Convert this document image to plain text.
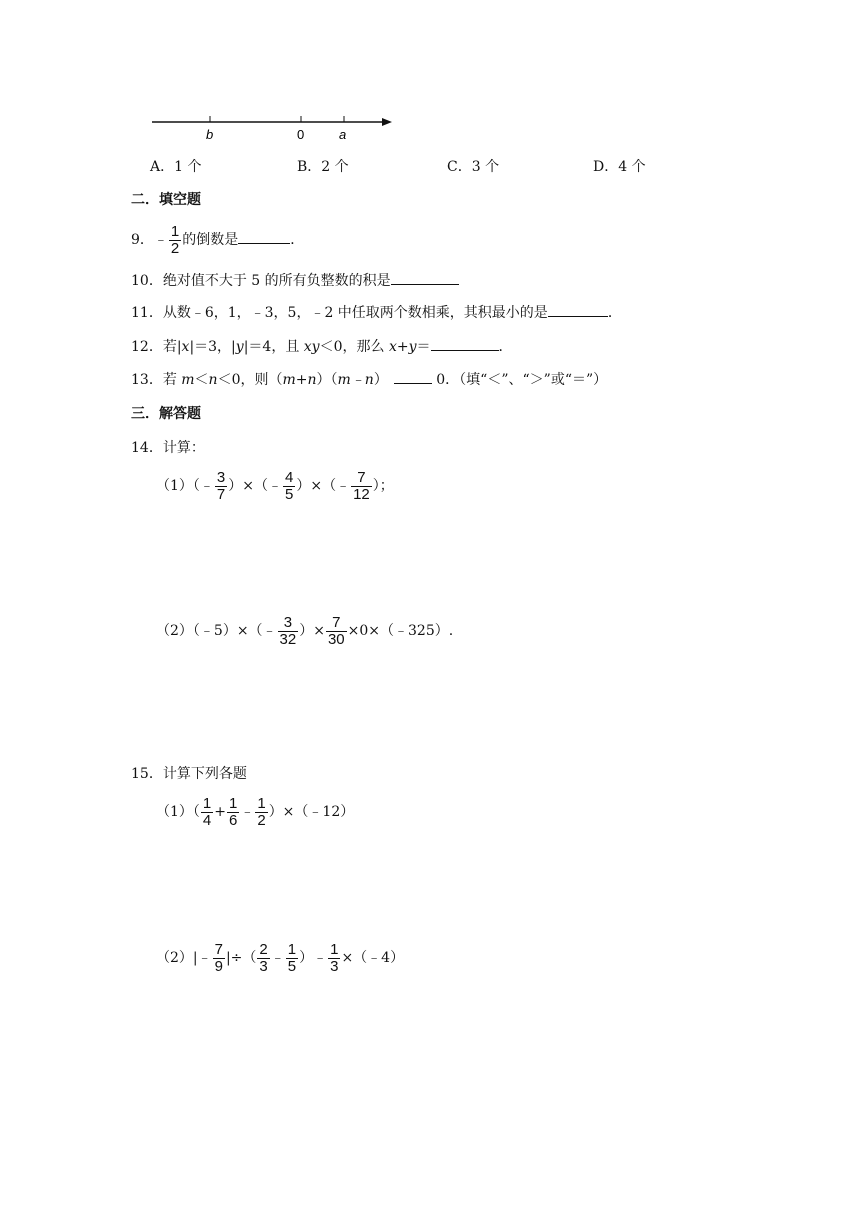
b	0	a
A．1 个	B．2 个	C．3 个	D．4 个
二．填空题
9．﹣ $\frac{1}{2}$ 的倒数是	．
10．绝对值不大于 5 的所有负整数的积是
11．从数﹣6，1，﹣3，5，﹣2 中任取两个数相乘，其积最小的是	．
12．若|x|＝3，|y|＝4，且 xy＜0，那么 x+y＝	．
13．若 m＜n＜0，则（m+n）（m﹣n）	0．（填“＜”、“＞”或“＝”）
三．解答题
14．计算：
（1）（﹣ $\frac{3}{7}$ ）×（﹣ $\frac{4}{5}$ ）×（﹣ $\frac{7}{12}$ ）；
（2）（﹣5）×（﹣ $\frac{3}{32}$ ）× $\frac{7}{30}$ ×0×（﹣325）.
15．计算下列各题
$(1)( \frac{1}{4} + \frac{1}{6}$ ﹣ $\frac{1}{2}$ ）×（﹣12）
（2）|﹣ $\frac{7}{9}$ |÷（ $\frac{2}{3}$ ﹣ $\frac{1}{5}$ ）﹣ $\frac{1}{3}$ ×（﹣4）
